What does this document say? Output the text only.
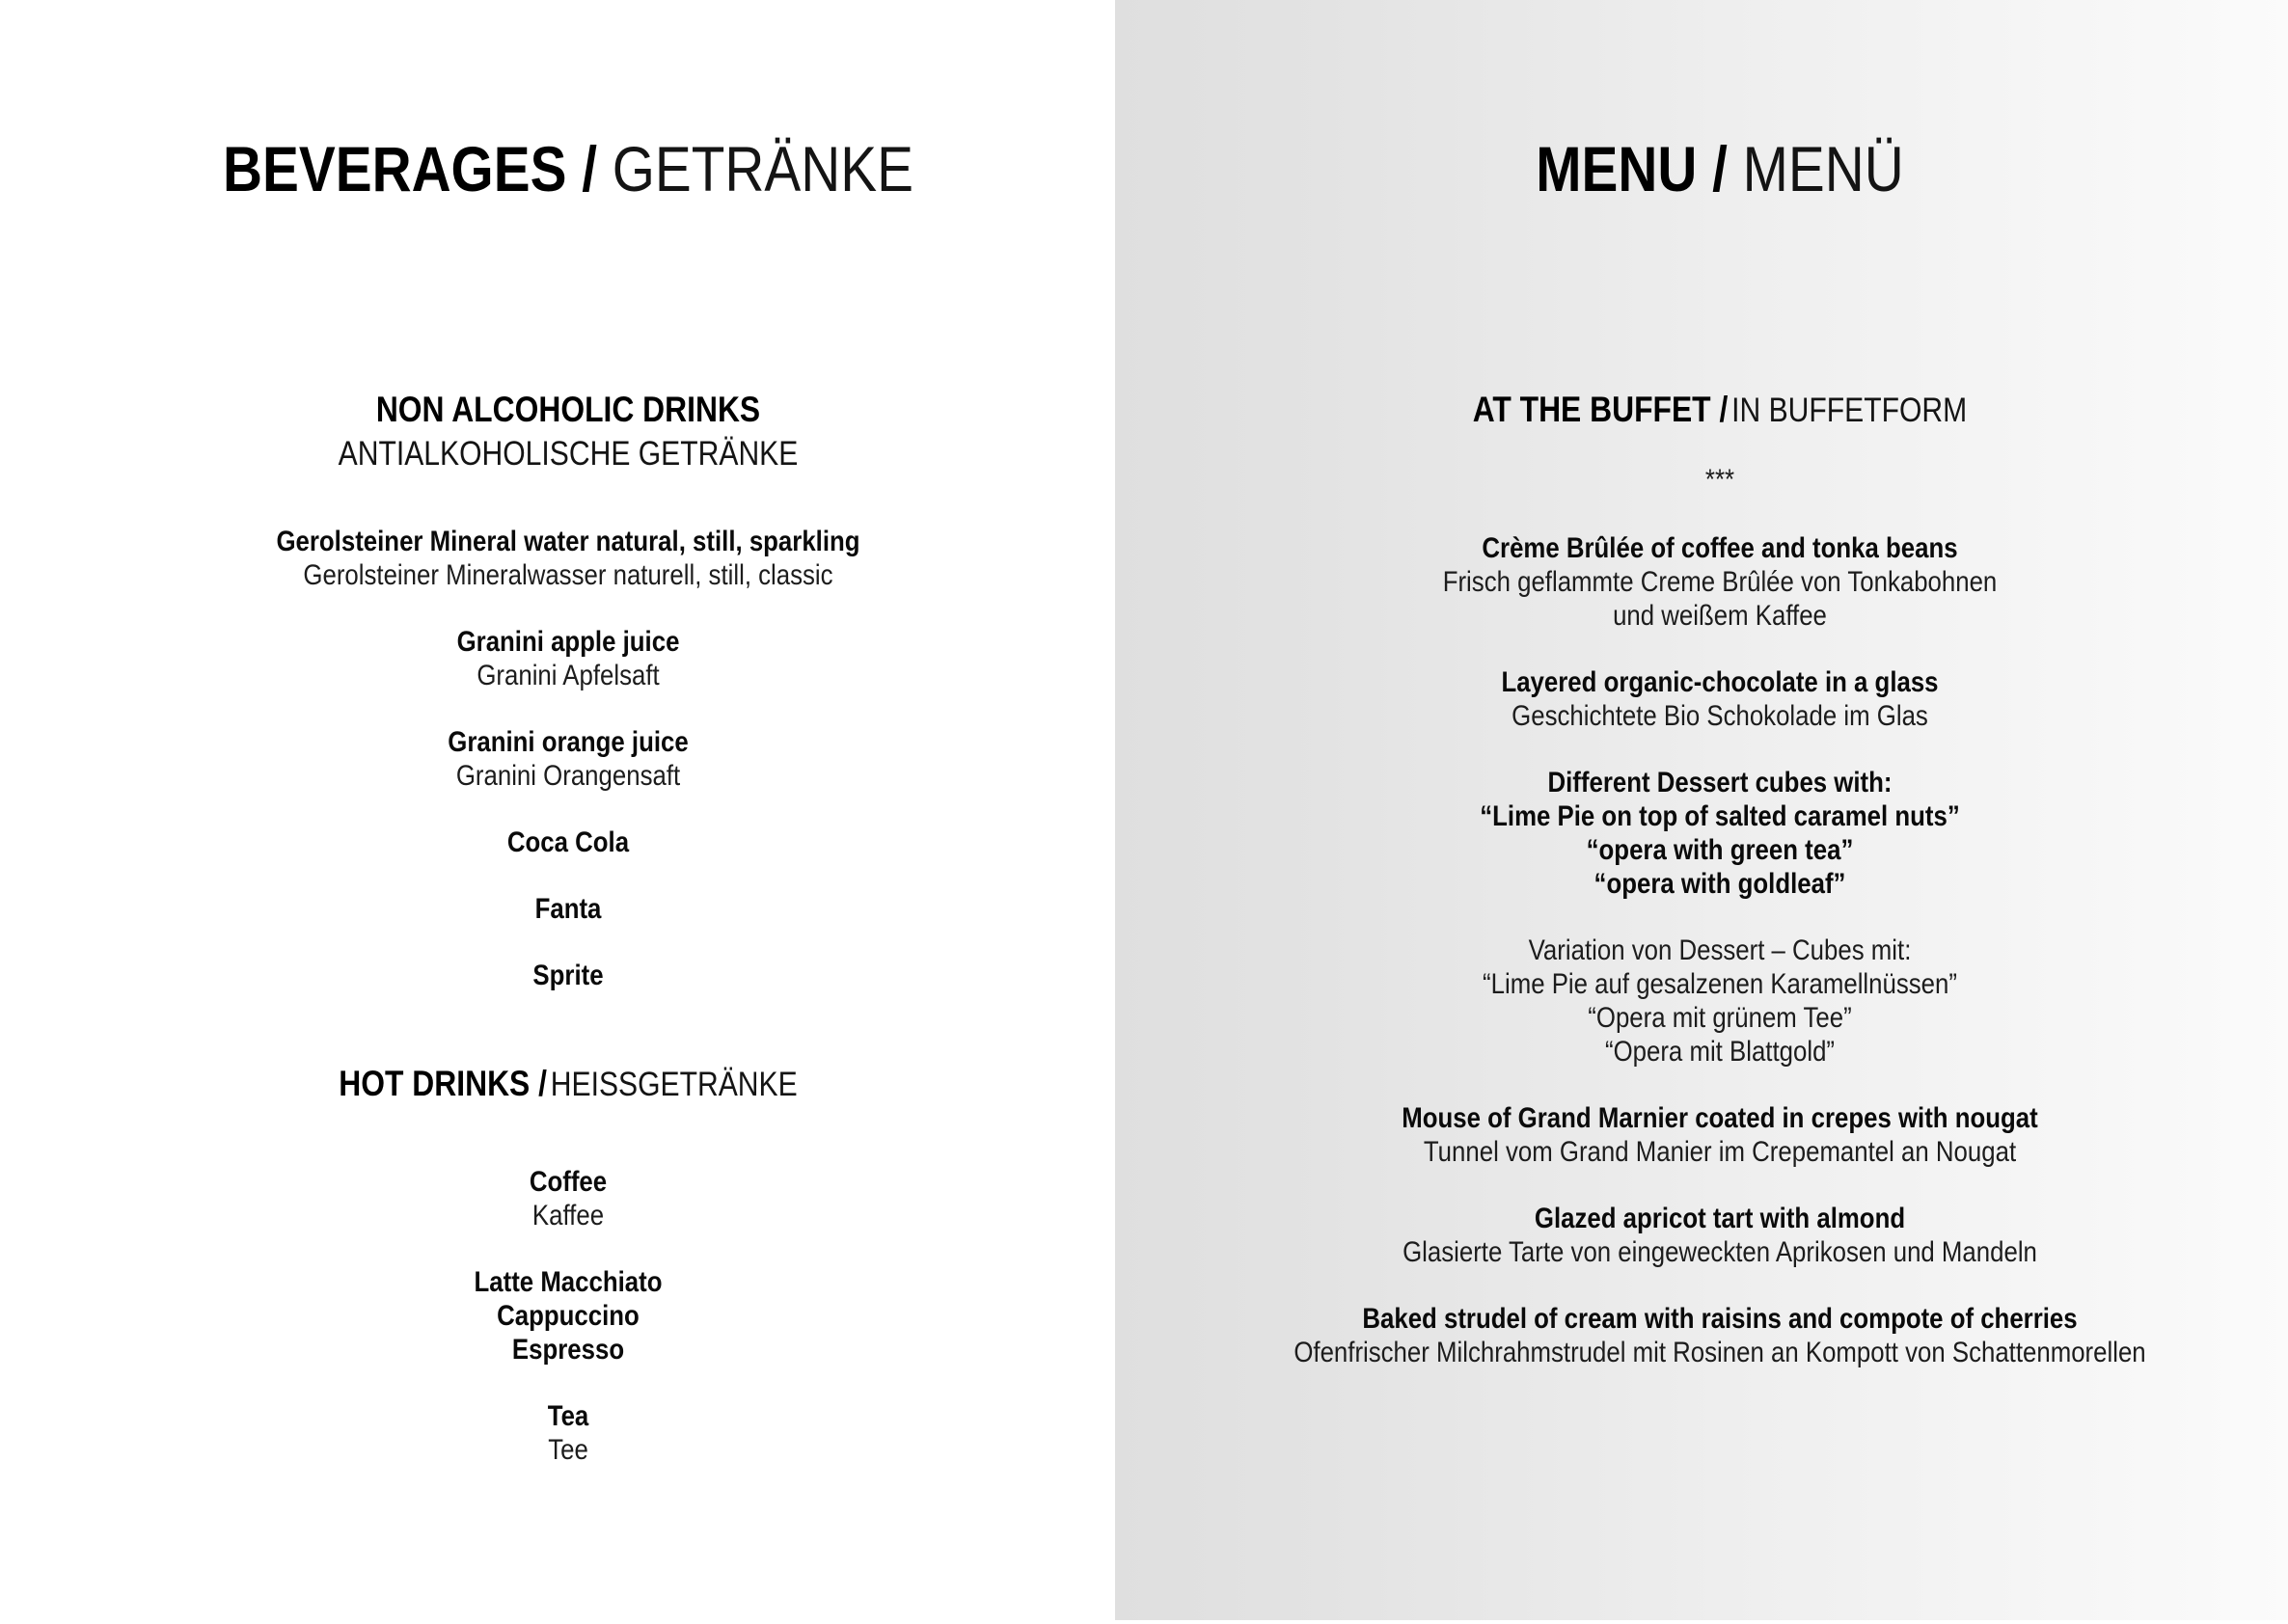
BEVERAGES / GETRÄNKE
NON ALCOHOLIC DRINKS
ANTIALKOHOLISCHE GETRÄNKE
Gerolsteiner Mineral water natural, still, sparkling
Gerolsteiner Mineralwasser naturell, still, classic
Granini apple juice
Granini Apfelsaft
Granini orange juice
Granini Orangensaft
Coca Cola
Fanta
Sprite
HOT DRINKS / HEISSGETRÄNKE
Coffee
Kaffee
Latte Macchiato
Cappuccino
Espresso
Tea
Tee
MENU / MENÜ
AT THE BUFFET / IN BUFFETFORM
***
Crème Brûlée of coffee and tonka beans
Frisch geflammte Creme Brûlée von Tonkabohnen
und weißem Kaffee
Layered organic-chocolate in a glass
Geschichtete Bio Schokolade im Glas
Different Dessert cubes with:
“Lime Pie on top of salted caramel nuts”
“opera with green tea”
“opera with goldleaf”
Variation von Dessert – Cubes mit:
“Lime Pie auf gesalzenen Karamellnüssen”
“Opera mit grünem Tee”
“Opera mit Blattgold”
Mouse of Grand Marnier coated in crepes with nougat
Tunnel vom Grand Manier im Crepemantel an Nougat
Glazed apricot tart with almond
Glasierte Tarte von eingeweckten Aprikosen und Mandeln
Baked strudel of cream with raisins and compote of cherries
Ofenfrischer Milchrahmstrudel mit Rosinen an Kompott von Schattenmorellen
